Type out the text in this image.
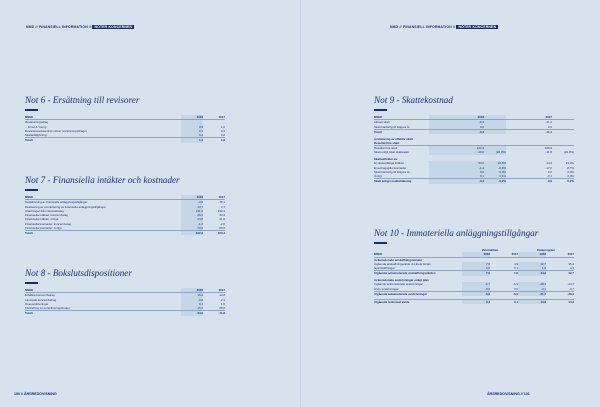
NMD // FINANSIELL INFORMATION // NOTER KONCERNEN
Not 6 - Ersättning till revisorer
MSEK	2018	2017
Revisionsuppdrag
Ernst & Young	0,9	1,0
Revisionsverksamhet utöver revisionsuppdraget	0,1	0,3
Skatterådgivning	0,4	0,8
Totalt	1,4	1,8
Not 7 - Finansiella intäkter och kostnader
MSEK	2018	2017
Nedskrivning av finansiella anläggningstillgångar	-4,6	-78,1
Realisering av omvärdering av finansiella anläggningstillgångar	13,7	2,7
Utdelningar från intressebolag	211,6	192,1
Finansiella intäkter, koncernbolag	28,0	43,4
Finansiella intäkter, övriga	24,8	21,0
Finansiella kostnader, koncernbolag	-1,2	-2,0
Finansiella kostnader, övriga	-73,0	-69,0
Totalt	197,2	223,4
Not 8 - Bokslutsdispositioner
MSEK	2018	2017
Erhållna koncernbidrag	19,4	13,2
Lämnade koncernbidrag	-0,6	-2,1
Överavskrivningar	0,1	1,6
Förändring av periodiseringsfonder	15,2	28,6
Totalt	34,9	41,8
100 // ÅRSREDOVISNING
NMD // FINANSIELL INFORMATION // NOTER KONCERNEN
Not 9 - Skattekostnad
MSEK	2018	2017
Aktuell skatt	-0,4	-11,1
Skatt hänförlig till tidigare år	0,0	0,0
Totalt	-0,4	-11,1
Avstämning av effektiv skatt
Resultat före skatt
Resultat före skatt	223,3	189,9
Skatt enligt lokal skattesats	-49,0	(22,0%)	-41,8	(22,0%)
Skatteeffekter av:
Ej skattepliktiga intäkter	50,4	22,6%	44,4	23,4%
Ej avdragsgilla kostnader	-1,4	-0,6%	-17,0	-8,7%
Skatt hänförlig till tidigare år	0,0	0,0%	0,0	0,0%
Övrigt	0,1	0,1%	-0,1	0,0%
Skatt enligt resultaträkning	-0,4	-0,2%	-9,9	-5,2%
Not 10 - Immateriella anläggningstillgångar
Varumärken	Dataprogram
MSEK	2018	2017	2018	2017
Ackumulerade anskaffningsvärden
Ingående anskaffningsvärde vid årets början	7,0	4,9	42,7	35,4
Nyanskaffningar	0,0	0,1	1,6	4,3
Utgående ackumulerade anskaffningsvärden	7,0	7,0	44,3	42,7
Ackumulerade avskrivningar enligt plan
Ingående ackumulerade avskrivningar	-6,7	-6,9	-28,4	-24,7
Årets avskrivningar	-0,0	0,0	-3,1	-3,7
Utgående ackumulerade avskrivningar	-6,9	-6,9	-31,7	-28,4
Utgående redovisat värde	0,1	0,1	14,9	14,3
ÅRSREDOVISNING // 101
